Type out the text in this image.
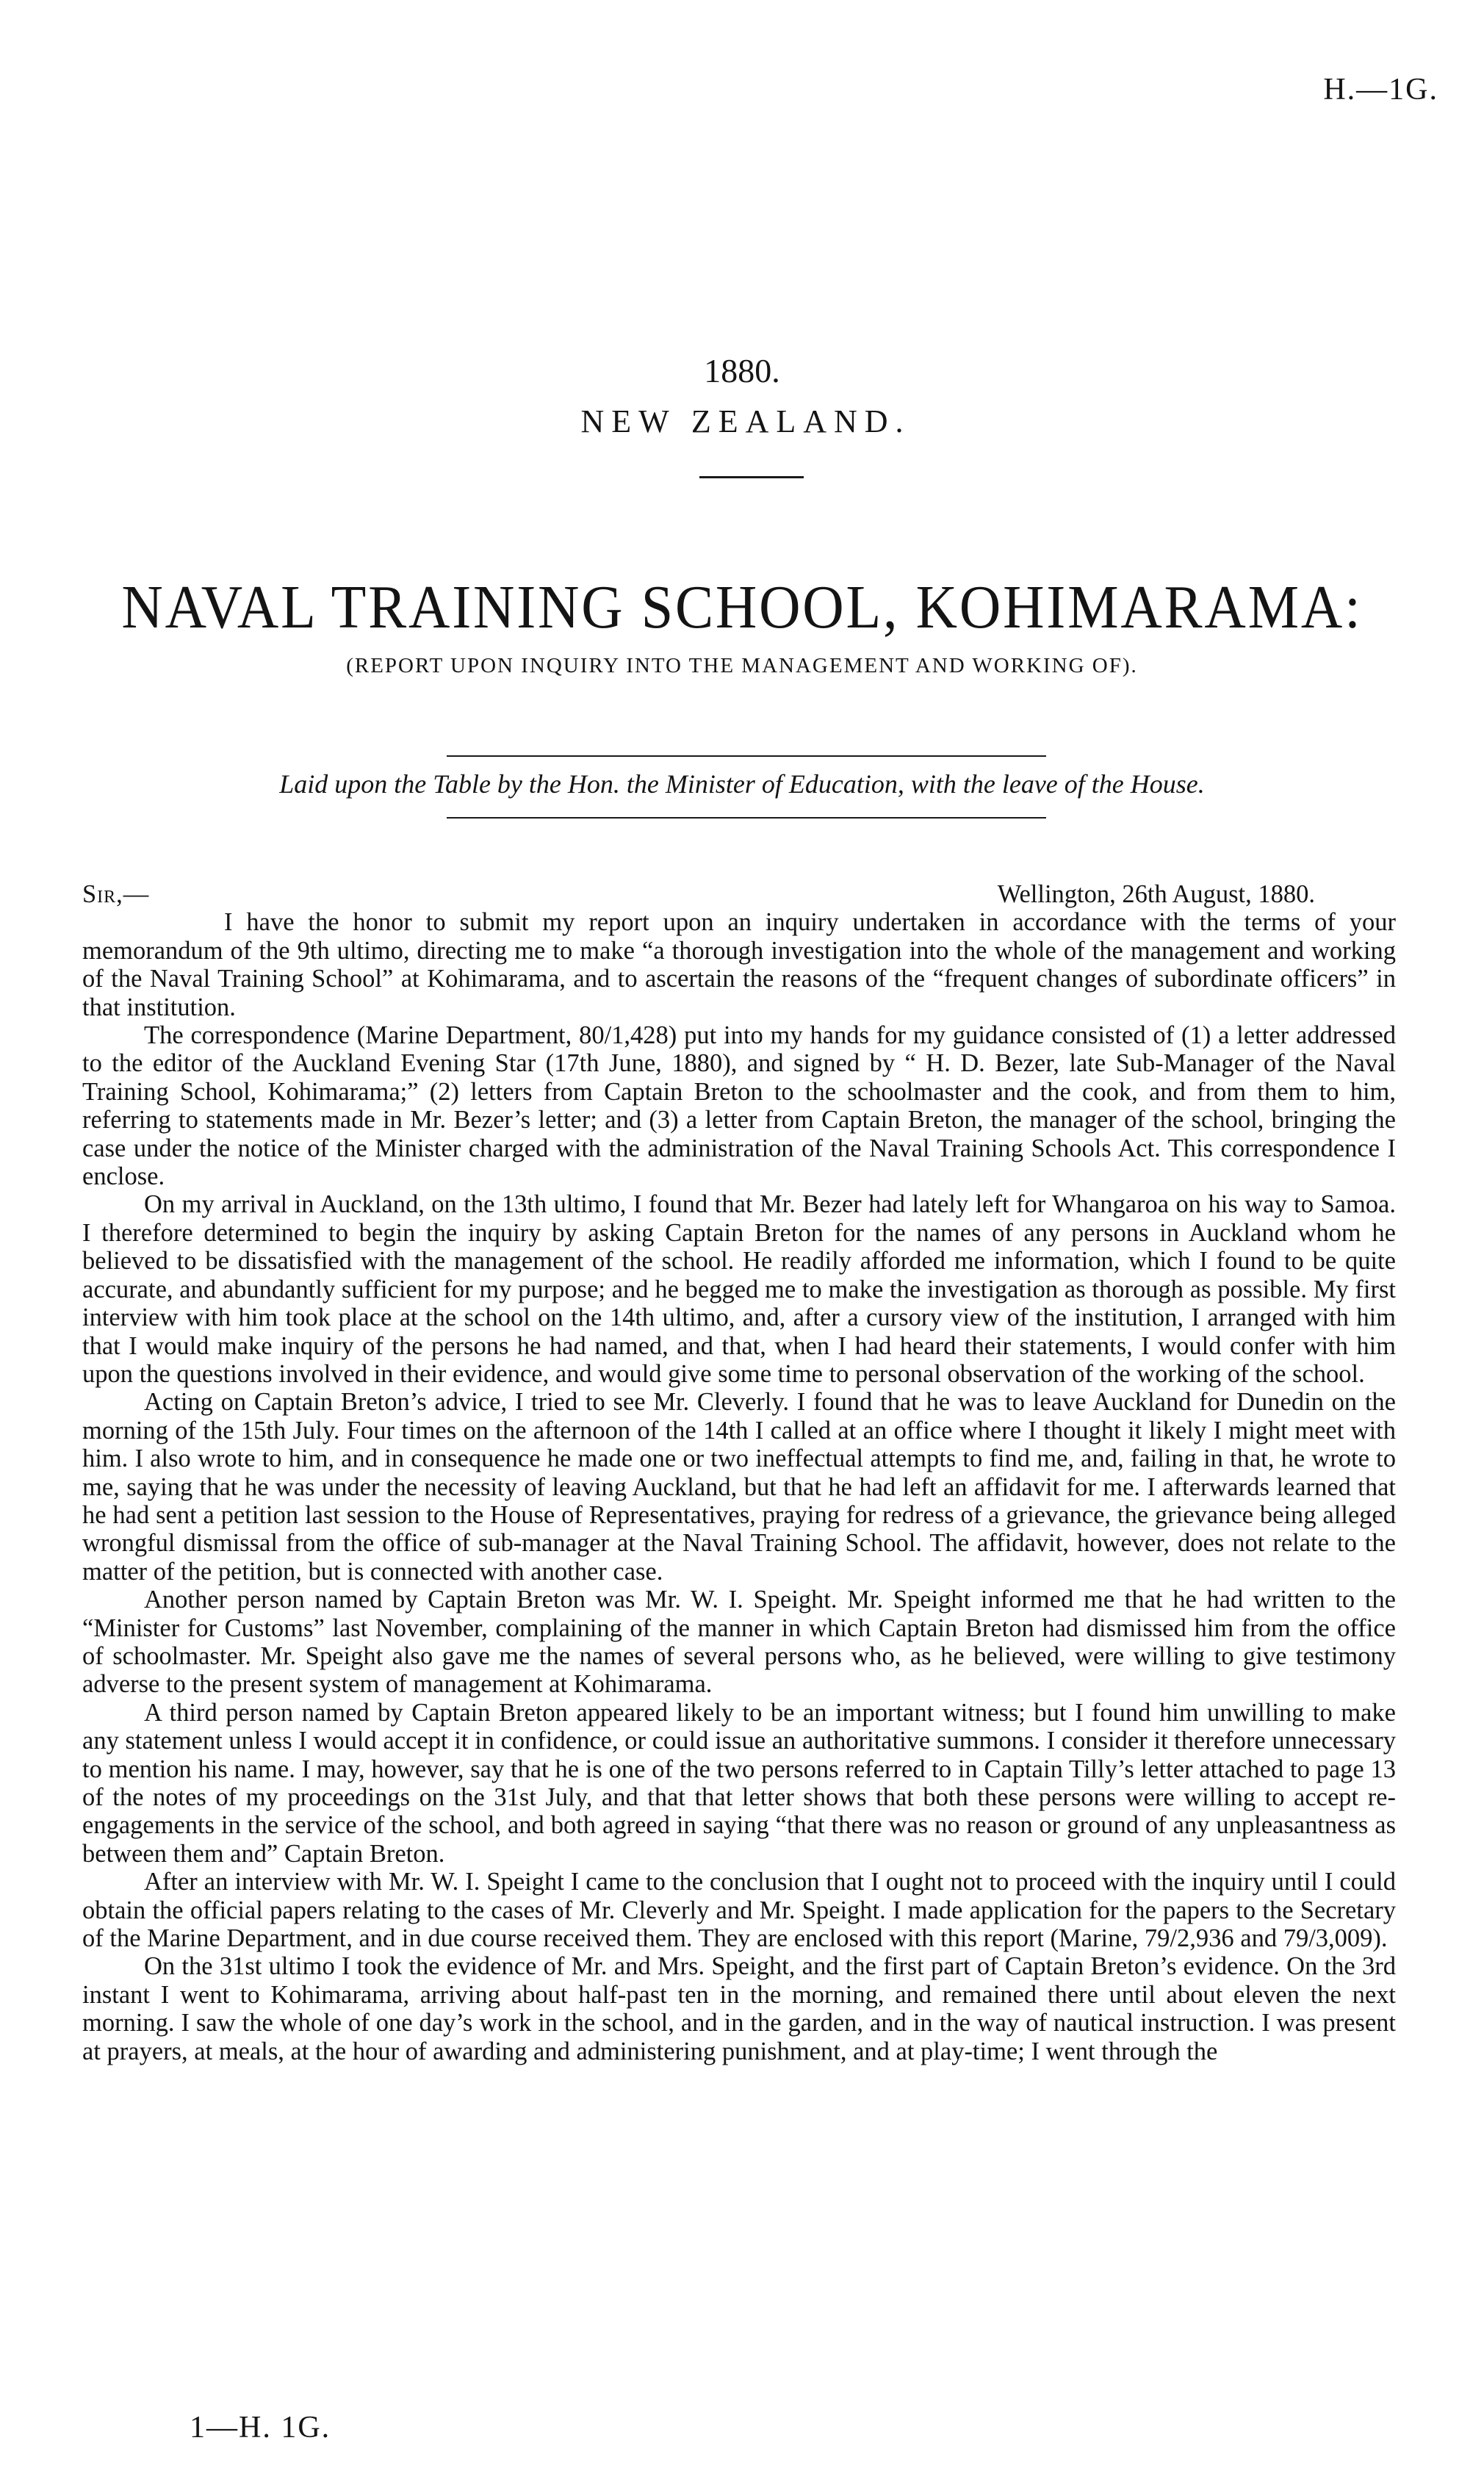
H.—1G.
1880.
NEW ZEALAND.
NAVAL TRAINING SCHOOL, KOHIMARAMA:
(REPORT UPON INQUIRY INTO THE MANAGEMENT AND WORKING OF).
Laid upon the Table by the Hon. the Minister of Education, with the leave of the House.
Sir,—	Wellington, 26th August, 1880.

I have the honor to submit my report upon an inquiry undertaken in accordance with the terms of your memorandum of the 9th ultimo, directing me to make “a thorough investigation into the whole of the management and working of the Naval Training School” at Kohimarama, and to ascertain the reasons of the “frequent changes of subordinate officers” in that institution.

The correspondence (Marine Department, 80/1,428) put into my hands for my guidance consisted of (1) a letter addressed to the editor of the Auckland Evening Star (17th June, 1880), and signed by “ H. D. Bezer, late Sub-Manager of the Naval Training School, Kohimarama;” (2) letters from Captain Breton to the schoolmaster and the cook, and from them to him, referring to statements made in Mr. Bezer’s letter; and (3) a letter from Captain Breton, the manager of the school, bringing the case under the notice of the Minister charged with the administration of the Naval Training Schools Act. This correspondence I enclose.

On my arrival in Auckland, on the 13th ultimo, I found that Mr. Bezer had lately left for Whangaroa on his way to Samoa. I therefore determined to begin the inquiry by asking Captain Breton for the names of any persons in Auckland whom he believed to be dissatisfied with the management of the school. He readily afforded me information, which I found to be quite accurate, and abundantly sufficient for my purpose; and he begged me to make the investigation as thorough as possible. My first interview with him took place at the school on the 14th ultimo, and, after a cursory view of the institution, I arranged with him that I would make inquiry of the persons he had named, and that, when I had heard their statements, I would confer with him upon the questions involved in their evidence, and would give some time to personal observation of the working of the school.

Acting on Captain Breton’s advice, I tried to see Mr. Cleverly. I found that he was to leave Auckland for Dunedin on the morning of the 15th July. Four times on the afternoon of the 14th I called at an office where I thought it likely I might meet with him. I also wrote to him, and in consequence he made one or two ineffectual attempts to find me, and, failing in that, he wrote to me, saying that he was under the necessity of leaving Auckland, but that he had left an affidavit for me. I afterwards learned that he had sent a petition last session to the House of Representatives, praying for redress of a grievance, the grievance being alleged wrongful dismissal from the office of sub-manager at the Naval Training School. The affidavit, however, does not relate to the matter of the petition, but is connected with another case.

Another person named by Captain Breton was Mr. W. I. Speight. Mr. Speight informed me that he had written to the “Minister for Customs” last November, complaining of the manner in which Captain Breton had dismissed him from the office of schoolmaster. Mr. Speight also gave me the names of several persons who, as he believed, were willing to give testimony adverse to the present system of management at Kohimarama.

A third person named by Captain Breton appeared likely to be an important witness; but I found him unwilling to make any statement unless I would accept it in confidence, or could issue an authoritative summons. I consider it therefore unnecessary to mention his name. I may, however, say that he is one of the two persons referred to in Captain Tilly’s letter attached to page 13 of the notes of my proceedings on the 31st July, and that that letter shows that both these persons were willing to accept re-engagements in the service of the school, and both agreed in saying “that there was no reason or ground of any unpleasantness as between them and” Captain Breton.

After an interview with Mr. W. I. Speight I came to the conclusion that I ought not to proceed with the inquiry until I could obtain the official papers relating to the cases of Mr. Cleverly and Mr. Speight. I made application for the papers to the Secretary of the Marine Department, and in due course received them. They are enclosed with this report (Marine, 79/2,936 and 79/3,009).

On the 31st ultimo I took the evidence of Mr. and Mrs. Speight, and the first part of Captain Breton’s evidence. On the 3rd instant I went to Kohimarama, arriving about half-past ten in the morning, and remained there until about eleven the next morning. I saw the whole of one day’s work in the school, and in the garden, and in the way of nautical instruction. I was present at prayers, at meals, at the hour of awarding and administering punishment, and at play-time; I went through the

1—H. 1G.
